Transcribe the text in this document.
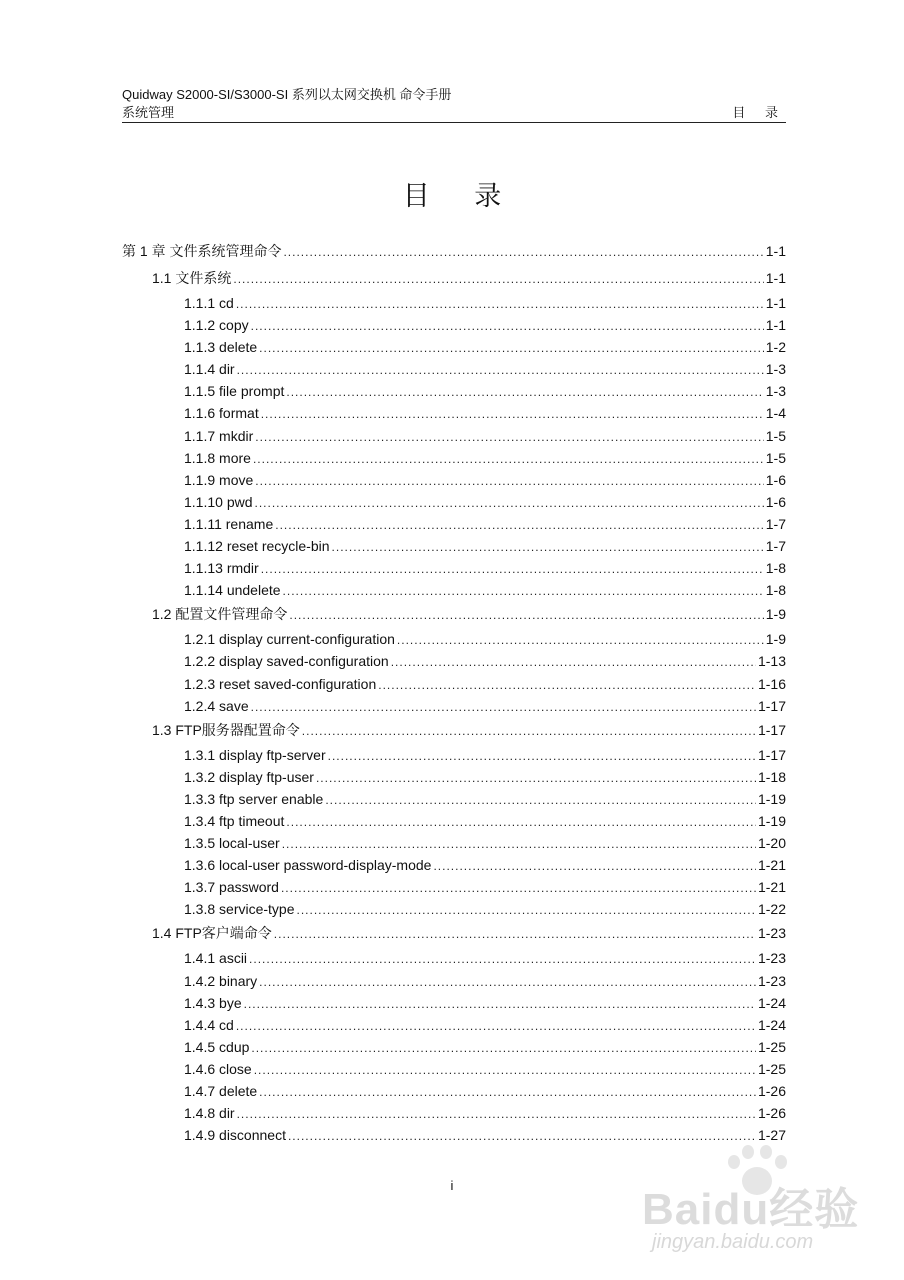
Quidway S2000-SI/S3000-SI 系列以太网交换机 命令手册
系统管理	目 录
目 录
第 1 章 文件系统管理命令 .....	1-1
1.1 文件系统 .....	1-1
1.1.1 cd .....	1-1
1.1.2 copy .....	1-1
1.1.3 delete .....	1-2
1.1.4 dir .....	1-3
1.1.5 file prompt .....	1-3
1.1.6 format .....	1-4
1.1.7 mkdir .....	1-5
1.1.8 more .....	1-5
1.1.9 move .....	1-6
1.1.10 pwd .....	1-6
1.1.11 rename .....	1-7
1.1.12 reset recycle-bin .....	1-7
1.1.13 rmdir .....	1-8
1.1.14 undelete .....	1-8
1.2 配置文件管理命令 .....	1-9
1.2.1 display current-configuration .....	1-9
1.2.2 display saved-configuration .....	1-13
1.2.3 reset saved-configuration .....	1-16
1.2.4 save .....	1-17
1.3 FTP服务器配置命令 .....	1-17
1.3.1 display ftp-server .....	1-17
1.3.2 display ftp-user .....	1-18
1.3.3 ftp server enable .....	1-19
1.3.4 ftp timeout .....	1-19
1.3.5 local-user .....	1-20
1.3.6 local-user password-display-mode .....	1-21
1.3.7 password .....	1-21
1.3.8 service-type .....	1-22
1.4 FTP客户端命令 .....	1-23
1.4.1 ascii .....	1-23
1.4.2 binary .....	1-23
1.4.3 bye .....	1-24
1.4.4 cd .....	1-24
1.4.5 cdup .....	1-25
1.4.6 close .....	1-25
1.4.7 delete .....	1-26
1.4.8 dir .....	1-26
1.4.9 disconnect .....	1-27
i	Baidu经验
jingyan.baidu.com
